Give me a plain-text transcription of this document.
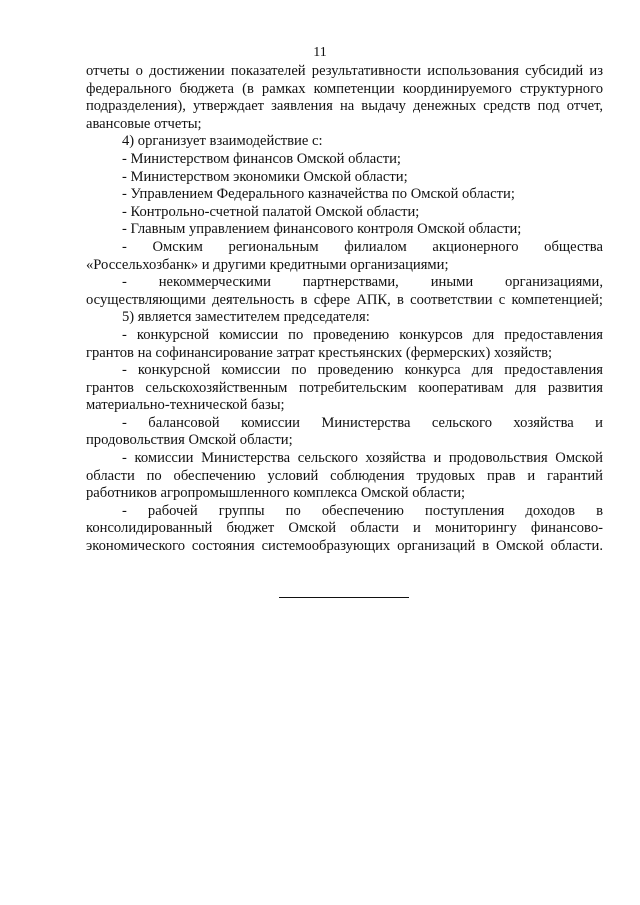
11
отчеты о достижении показателей результативности использования субсидий из
федерального бюджета (в рамках компетенции координируемого структурного
подразделения), утверждает заявления на выдачу денежных средств под отчет,
авансовые отчеты;
4) организует взаимодействие с:
- Министерством финансов Омской области;
- Министерством экономики Омской области;
- Управлением Федерального казначейства по Омской области;
- Контрольно-счетной палатой Омской области;
- Главным управлением финансового контроля Омской области;
- Омским региональным филиалом акционерного общества
«Россельхозбанк» и другими кредитными организациями;
- некоммерческими партнерствами, иными организациями,
осуществляющими деятельность в сфере АПК, в соответствии с компетенцией;
5) является заместителем председателя:
- конкурсной комиссии по проведению конкурсов для предоставления
грантов на софинансирование затрат крестьянских (фермерских) хозяйств;
- конкурсной комиссии по проведению конкурса для предоставления
грантов сельскохозяйственным потребительским кооперативам для развития
материально-технической базы;
- балансовой комиссии Министерства сельского хозяйства и
продовольствия Омской области;
- комиссии Министерства сельского хозяйства и продовольствия Омской
области по обеспечению условий соблюдения трудовых прав и гарантий
работников агропромышленного комплекса Омской области;
- рабочей группы по обеспечению поступления доходов в
консолидированный бюджет Омской области и мониторингу финансово-
экономического состояния системообразующих организаций в Омской области.
